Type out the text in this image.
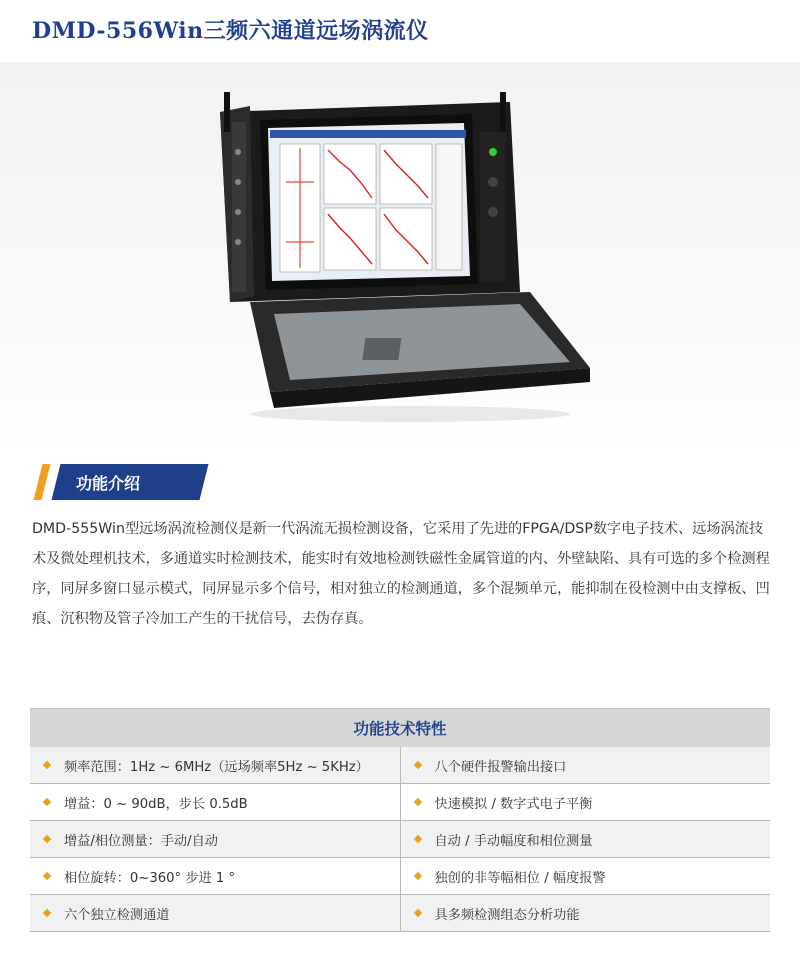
DMD-556Win三频六通道远场涡流仪
功能介绍
DMD-555Win型远场涡流检测仪是新一代涡流无损检测设备，它采用了先进的FPGA/DSP数字电子技术、远场涡流技术及微处理机技术，多通道实时检测技术，能实时有效地检测铁磁性金属管道的内、外壁缺陷、具有可选的多个检测程序，同屏多窗口显示模式，同屏显示多个信号，相对独立的检测通道，多个混频单元，能抑制在役检测中由支撑板、凹痕、沉积物及管子冷加工产生的干扰信号，去伪存真。
功能技术特性
频率范围：1Hz ~ 6MHz（远场频率5Hz ~ 5KHz）	八个硬件报警输出接口
增益：0 ~ 90dB，步长 0.5dB	快速模拟 / 数字式电子平衡
增益/相位测量：手动/自动	自动 / 手动幅度和相位测量
相位旋转：0~360° 步进 1 °	独创的非等幅相位 / 幅度报警
六个独立检测通道	具多频检测组态分析功能
